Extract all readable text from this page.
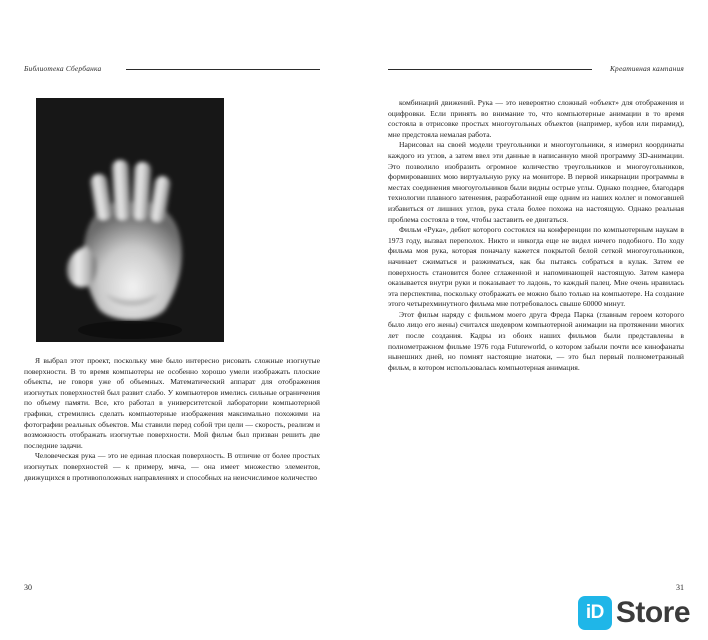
Библиотека Сбербанка

Я выбрал этот проект, поскольку мне было интересно рисовать сложные изогнутые поверхности. В то время компьютеры не особенно хорошо умели изображать плоские объекты, не говоря уже об объемных. Математический аппарат для отображения изогнутых поверхностей был развит слабо. У компьютеров имелись сильные ограничения по объему памяти. Все, кто работал в университетской лаборатории компьютерной графики, стремились сделать компьютерные изображения максимально похожими на фотографии реальных объектов. Мы ставили перед собой три цели — скорость, реализм и возможность отображать изогнутые поверхности. Мой фильм был призван решить две последние задачи.

Человеческая рука — это не единая плоская поверхность. В отличие от более простых изогнутых поверхностей — к примеру, мяча, — она имеет множество элементов, движущихся в противоположных направлениях и способных на неисчислимое количество

30
Креативная кампания

комбинаций движений. Рука — это невероятно сложный «объект» для отображения и оцифровки. Если принять во внимание то, что компьютерные анимации в то время состояла в отрисовке простых многоугольных объектов (например, кубов или пирамид), мне предстояла немалая работа.

Нарисовал на своей модели треугольники и многоугольники, я измерил координаты каждого из углов, а затем ввел эти данные в написанную мной программу 3D-анимации. Это позволило изобразить огромное количество треугольников и многоугольников, формировавших мою виртуальную руку на мониторе. В первой инкарнации программы в местах соединения многоугольников были видны острые углы. Однако позднее, благодаря технологии плавного затенения, разработанной еще одним из наших коллег и помогавшей избавиться от лишних углов, рука стала более похожа на настоящую. Однако реальная проблема состояла в том, чтобы заставить ее двигаться.

Фильм «Рука», дебют которого состоялся на конференции по компьютерным наукам в 1973 году, вызвал переполох. Никто и никогда еще не видел ничего подобного. По ходу фильма моя рука, которая поначалу кажется покрытой белой сеткой многоугольников, начинает сжиматься и разжиматься, как бы пытаясь собраться в кулак. Затем ее поверхность становится более сглаженной и напоминающей настоящую. Затем камера оказывается внутри руки и показывает то ладонь, то каждый палец. Мне очень нравилась эта перспектива, поскольку отображать ее можно было только на компьютере. На создание этого четырехминутного фильма мне потребовалось свыше 60000 минут.

Этот фильм наряду с фильмом моего друга Фреда Парка (главным героем которого было лицо его жены) считался шедевром компьютерной анимации на протяжении многих лет после создания. Кадры из обоих наших фильмов были представлены в полнометражном фильме 1976 года Futureworld, о котором забыли почти все кинофанаты нынешних дней, но помнят настоящие знатоки, — это был первый полнометражный фильм, в котором использовалась компьютерная анимация.

31
iD Store
